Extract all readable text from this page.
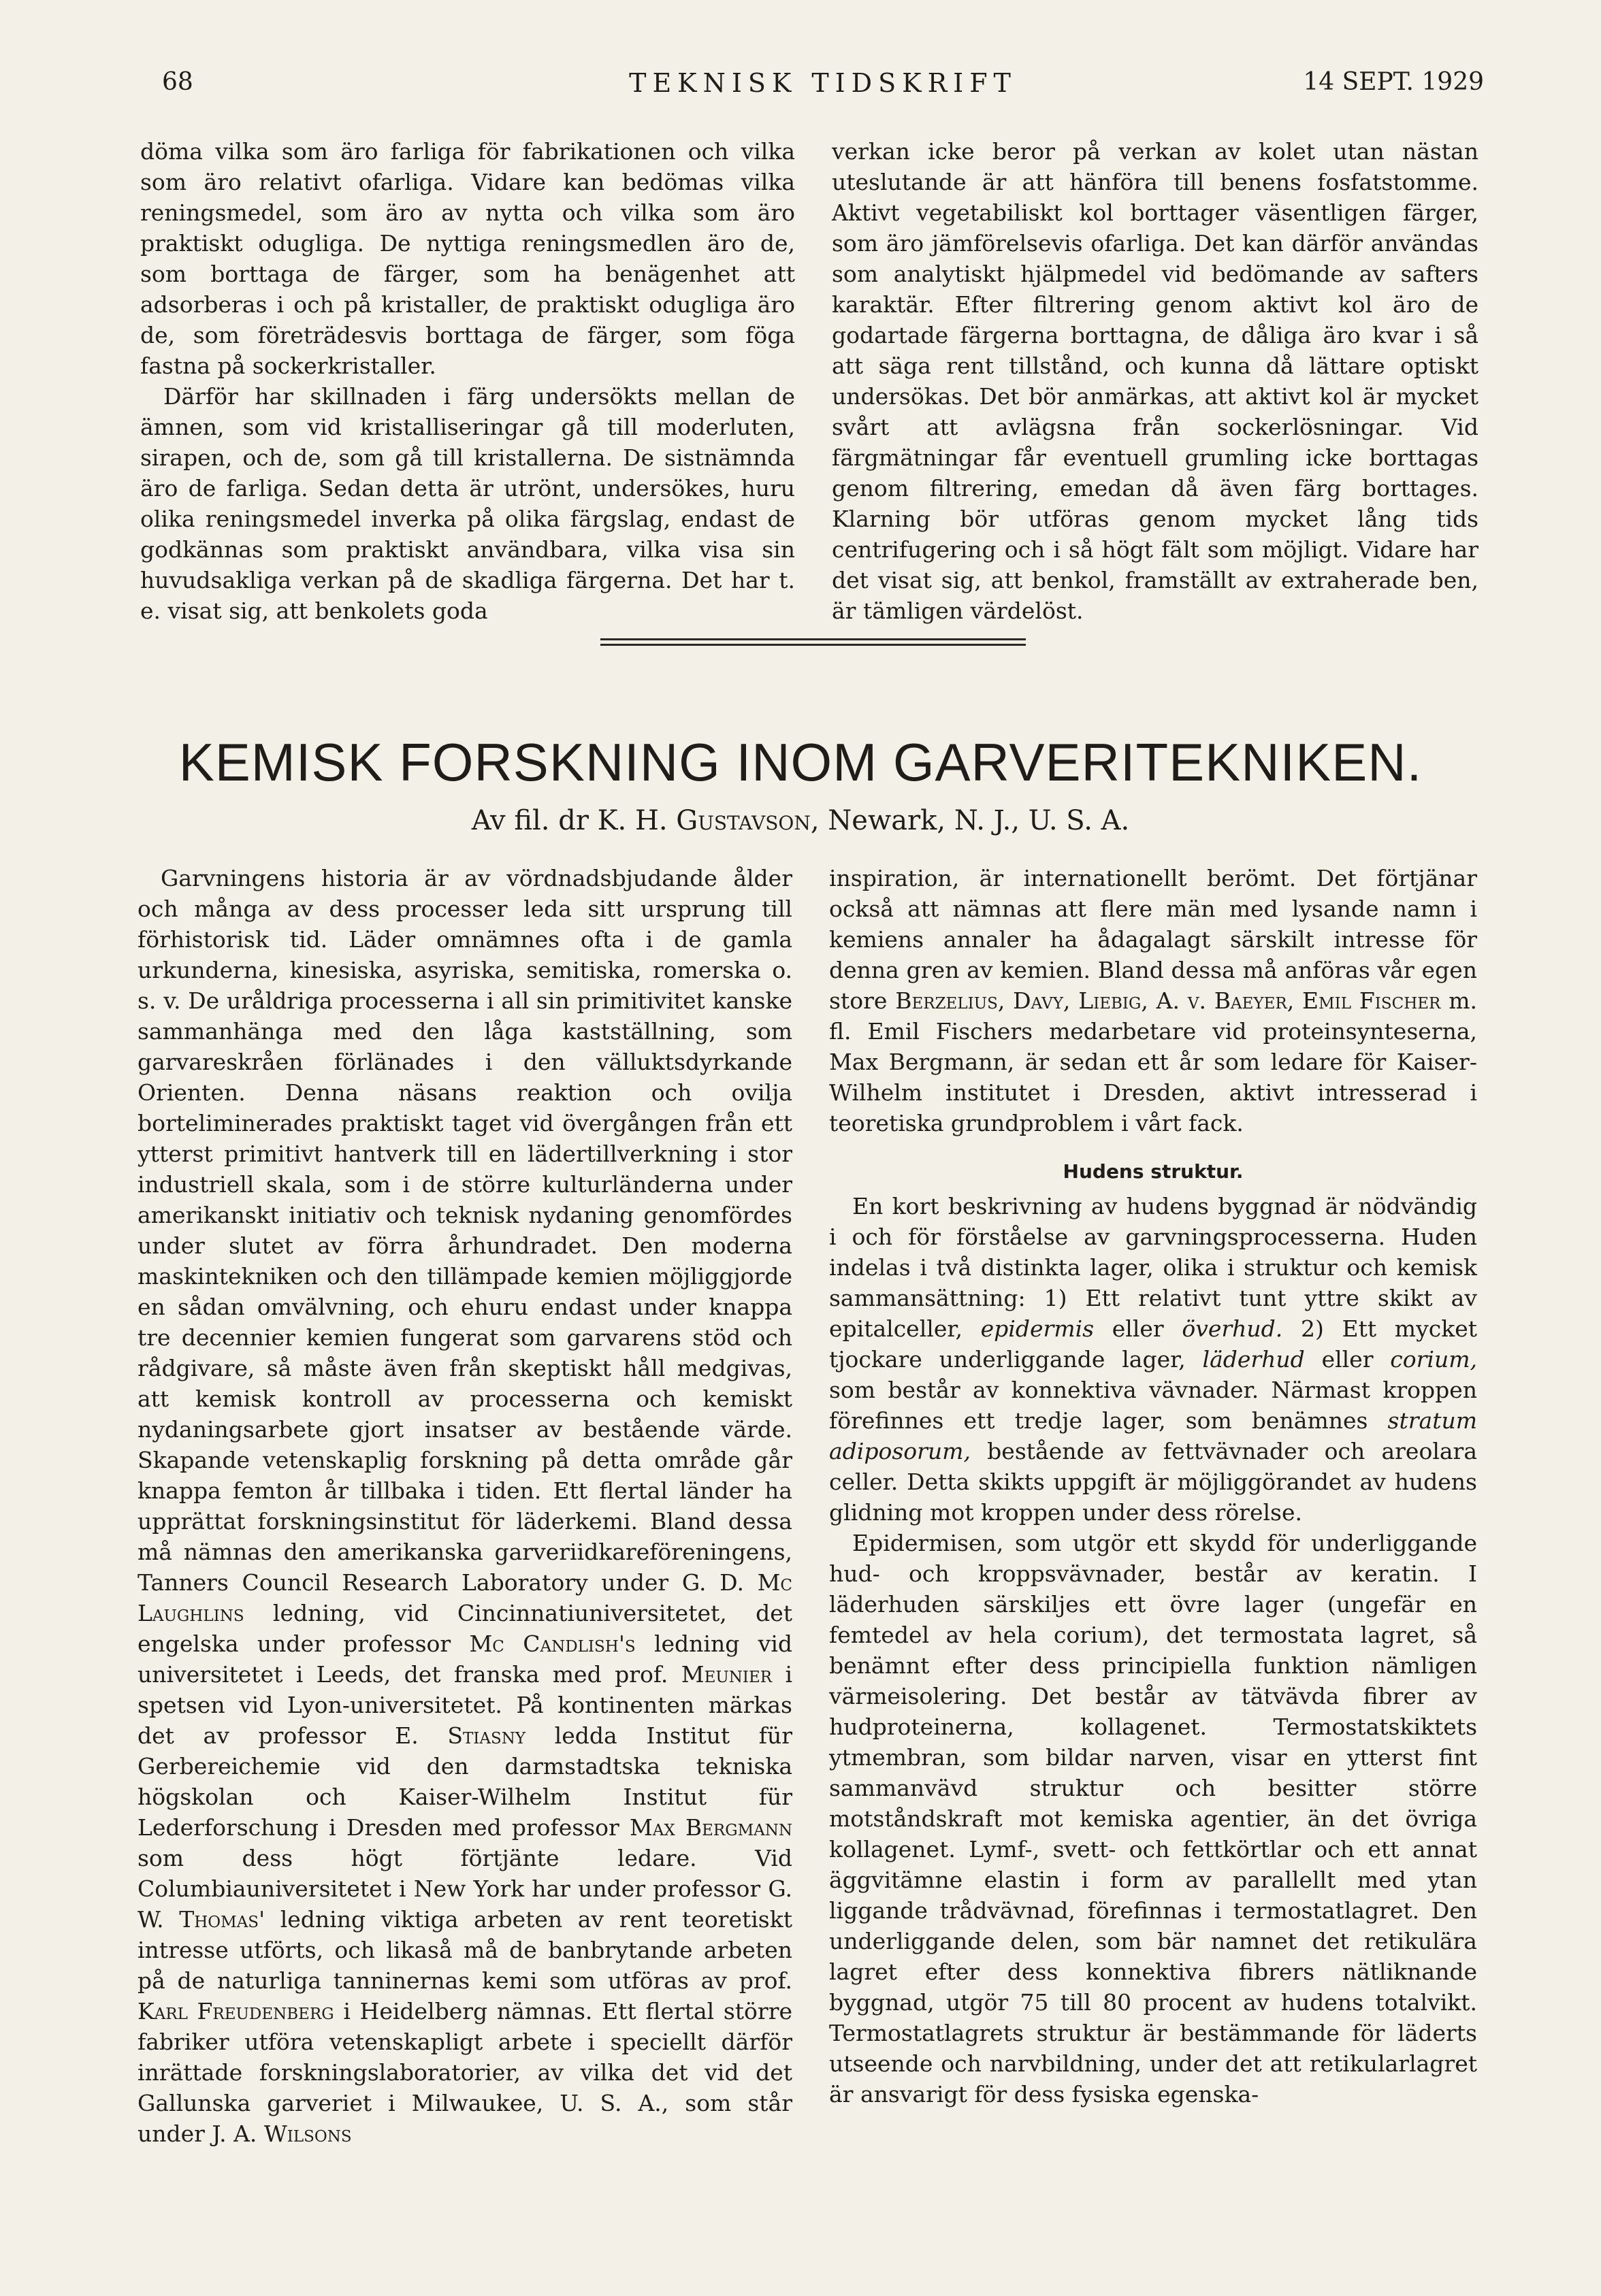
68	TEKNISK TIDSKRIFT	14 SEPT. 1929

döma vilka som äro farliga för fabrikationen och vilka som äro relativt ofarliga. Vidare kan bedömas vilka reningsmedel, som äro av nytta och vilka som äro praktiskt odugliga. De nyttiga reningsmedlen äro de, som borttaga de färger, som ha benägenhet att adsorberas i och på kristaller, de praktiskt odugliga äro de, som företrädesvis borttaga de färger, som föga fastna på sockerkristaller.

Därför har skillnaden i färg undersökts mellan de ämnen, som vid kristalliseringar gå till moderluten, sirapen, och de, som gå till kristallerna. De sistnämnda äro de farliga. Sedan detta är utrönt, undersökes, huru olika reningsmedel inverka på olika färgslag, endast de godkännas som praktiskt användbara, vilka visa sin huvudsakliga verkan på de skadliga färgerna. Det har t. e. visat sig, att benkolets goda

verkan icke beror på verkan av kolet utan nästan uteslutande är att hänföra till benens fosfatstomme. Aktivt vegetabiliskt kol borttager väsentligen färger, som äro jämförelsevis ofarliga. Det kan därför användas som analytiskt hjälpmedel vid bedömande av safters karaktär. Efter filtrering genom aktivt kol äro de godartade färgerna borttagna, de dåliga äro kvar i så att säga rent tillstånd, och kunna då lättare optiskt undersökas. Det bör anmärkas, att aktivt kol är mycket svårt att avlägsna från sockerlösningar. Vid färgmätningar får eventuell grumling icke borttagas genom filtrering, emedan då även färg borttages. Klarning bör utföras genom mycket lång tids centrifugering och i så högt fält som möjligt. Vidare har det visat sig, att benkol, framställt av extraherade ben, är tämligen värdelöst.

KEMISK FORSKNING INOM GARVERITEKNIKEN.
Av fil. dr K. H. Gustavson, Newark, N. J., U. S. A.

Garvningens historia är av vördnadsbjudande ålder och många av dess processer leda sitt ursprung till förhistorisk tid. Läder omnämnes ofta i de gamla urkunderna, kinesiska, asyriska, semitiska, romerska o. s. v. De uråldriga processerna i all sin primitivitet kanske sammanhänga med den låga kastställning, som garvareskråen förlänades i den välluktsdyrkande Orienten. Denna näsans reaktion och ovilja borteliminerades praktiskt taget vid övergången från ett ytterst primitivt hantverk till en lädertillverkning i stor industriell skala, som i de större kulturländerna under amerikanskt initiativ och teknisk nydaning genomfördes under slutet av förra århundradet. Den moderna maskintekniken och den tillämpade kemien möjliggjorde en sådan omvälvning, och ehuru endast under knappa tre decennier kemien fungerat som garvarens stöd och rådgivare, så måste även från skeptiskt håll medgivas, att kemisk kontroll av processerna och kemiskt nydaningsarbete gjort insatser av bestående värde. Skapande vetenskaplig forskning på detta område går knappa femton år tillbaka i tiden. Ett flertal länder ha upprättat forskningsinstitut för läderkemi. Bland dessa må nämnas den amerikanska garveriidkareföreningens, Tanners Council Research Laboratory under G. D. Mc Laughlins ledning, vid Cincinnatiuniversitetet, det engelska under professor Mc Candlish's ledning vid universitetet i Leeds, det franska med prof. Meunier i spetsen vid Lyon-universitetet. På kontinenten märkas det av professor E. Stiasny ledda Institut für Gerbereichemie vid den darmstadtska tekniska högskolan och Kaiser-Wilhelm Institut für Lederforschung i Dresden med professor Max Bergmann som dess högt förtjänte ledare. Vid Columbiauniversitetet i New York har under professor G. W. Thomas' ledning viktiga arbeten av rent teoretiskt intresse utförts, och likaså må de banbrytande arbeten på de naturliga tanninernas kemi som utföras av prof. Karl Freudenberg i Heidelberg nämnas. Ett flertal större fabriker utföra vetenskapligt arbete i speciellt därför inrättade forskningslaboratorier, av vilka det vid det Gallunska garveriet i Milwaukee, U. S. A., som står under J. A. Wilsons

inspiration, är internationellt berömt. Det förtjänar också att nämnas att flere män med lysande namn i kemiens annaler ha ådagalagt särskilt intresse för denna gren av kemien. Bland dessa må anföras vår egen store Berzelius, Davy, Liebig, A. v. Baeyer, Emil Fischer m. fl. Emil Fischers medarbetare vid proteinsynteserna, Max Bergmann, är sedan ett år som ledare för Kaiser-Wilhelm institutet i Dresden, aktivt intresserad i teoretiska grundproblem i vårt fack.

Hudens struktur.

En kort beskrivning av hudens byggnad är nödvändig i och för förståelse av garvningsprocesserna. Huden indelas i två distinkta lager, olika i struktur och kemisk sammansättning: 1) Ett relativt tunt yttre skikt av epitalceller, epidermis eller överhud. 2) Ett mycket tjockare underliggande lager, läderhud eller corium, som består av konnektiva vävnader. Närmast kroppen förefinnes ett tredje lager, som benämnes stratum adiposorum, bestående av fettvävnader och areolara celler. Detta skikts uppgift är möjliggörandet av hudens glidning mot kroppen under dess rörelse.

Epidermisen, som utgör ett skydd för underliggande hud- och kroppsvävnader, består av keratin. I läderhuden särskiljes ett övre lager (ungefär en femtedel av hela corium), det termostata lagret, så benämnt efter dess principiella funktion nämligen värmeisolering. Det består av tätvävda fibrer av hudproteinerna, kollagenet. Termostatskiktets ytmembran, som bildar narven, visar en ytterst fint sammanvävd struktur och besitter större motståndskraft mot kemiska agentier, än det övriga kollagenet. Lymf-, svett- och fettkörtlar och ett annat äggvitämne elastin i form av parallellt med ytan liggande trådvävnad, förefinnas i termostatlagret. Den underliggande delen, som bär namnet det retikulära lagret efter dess konnektiva fibrers nätliknande byggnad, utgör 75 till 80 procent av hudens totalvikt. Termostatlagrets struktur är bestämmande för läderts utseende och narvbildning, under det att retikularlagret är ansvarigt för dess fysiska egenska-
